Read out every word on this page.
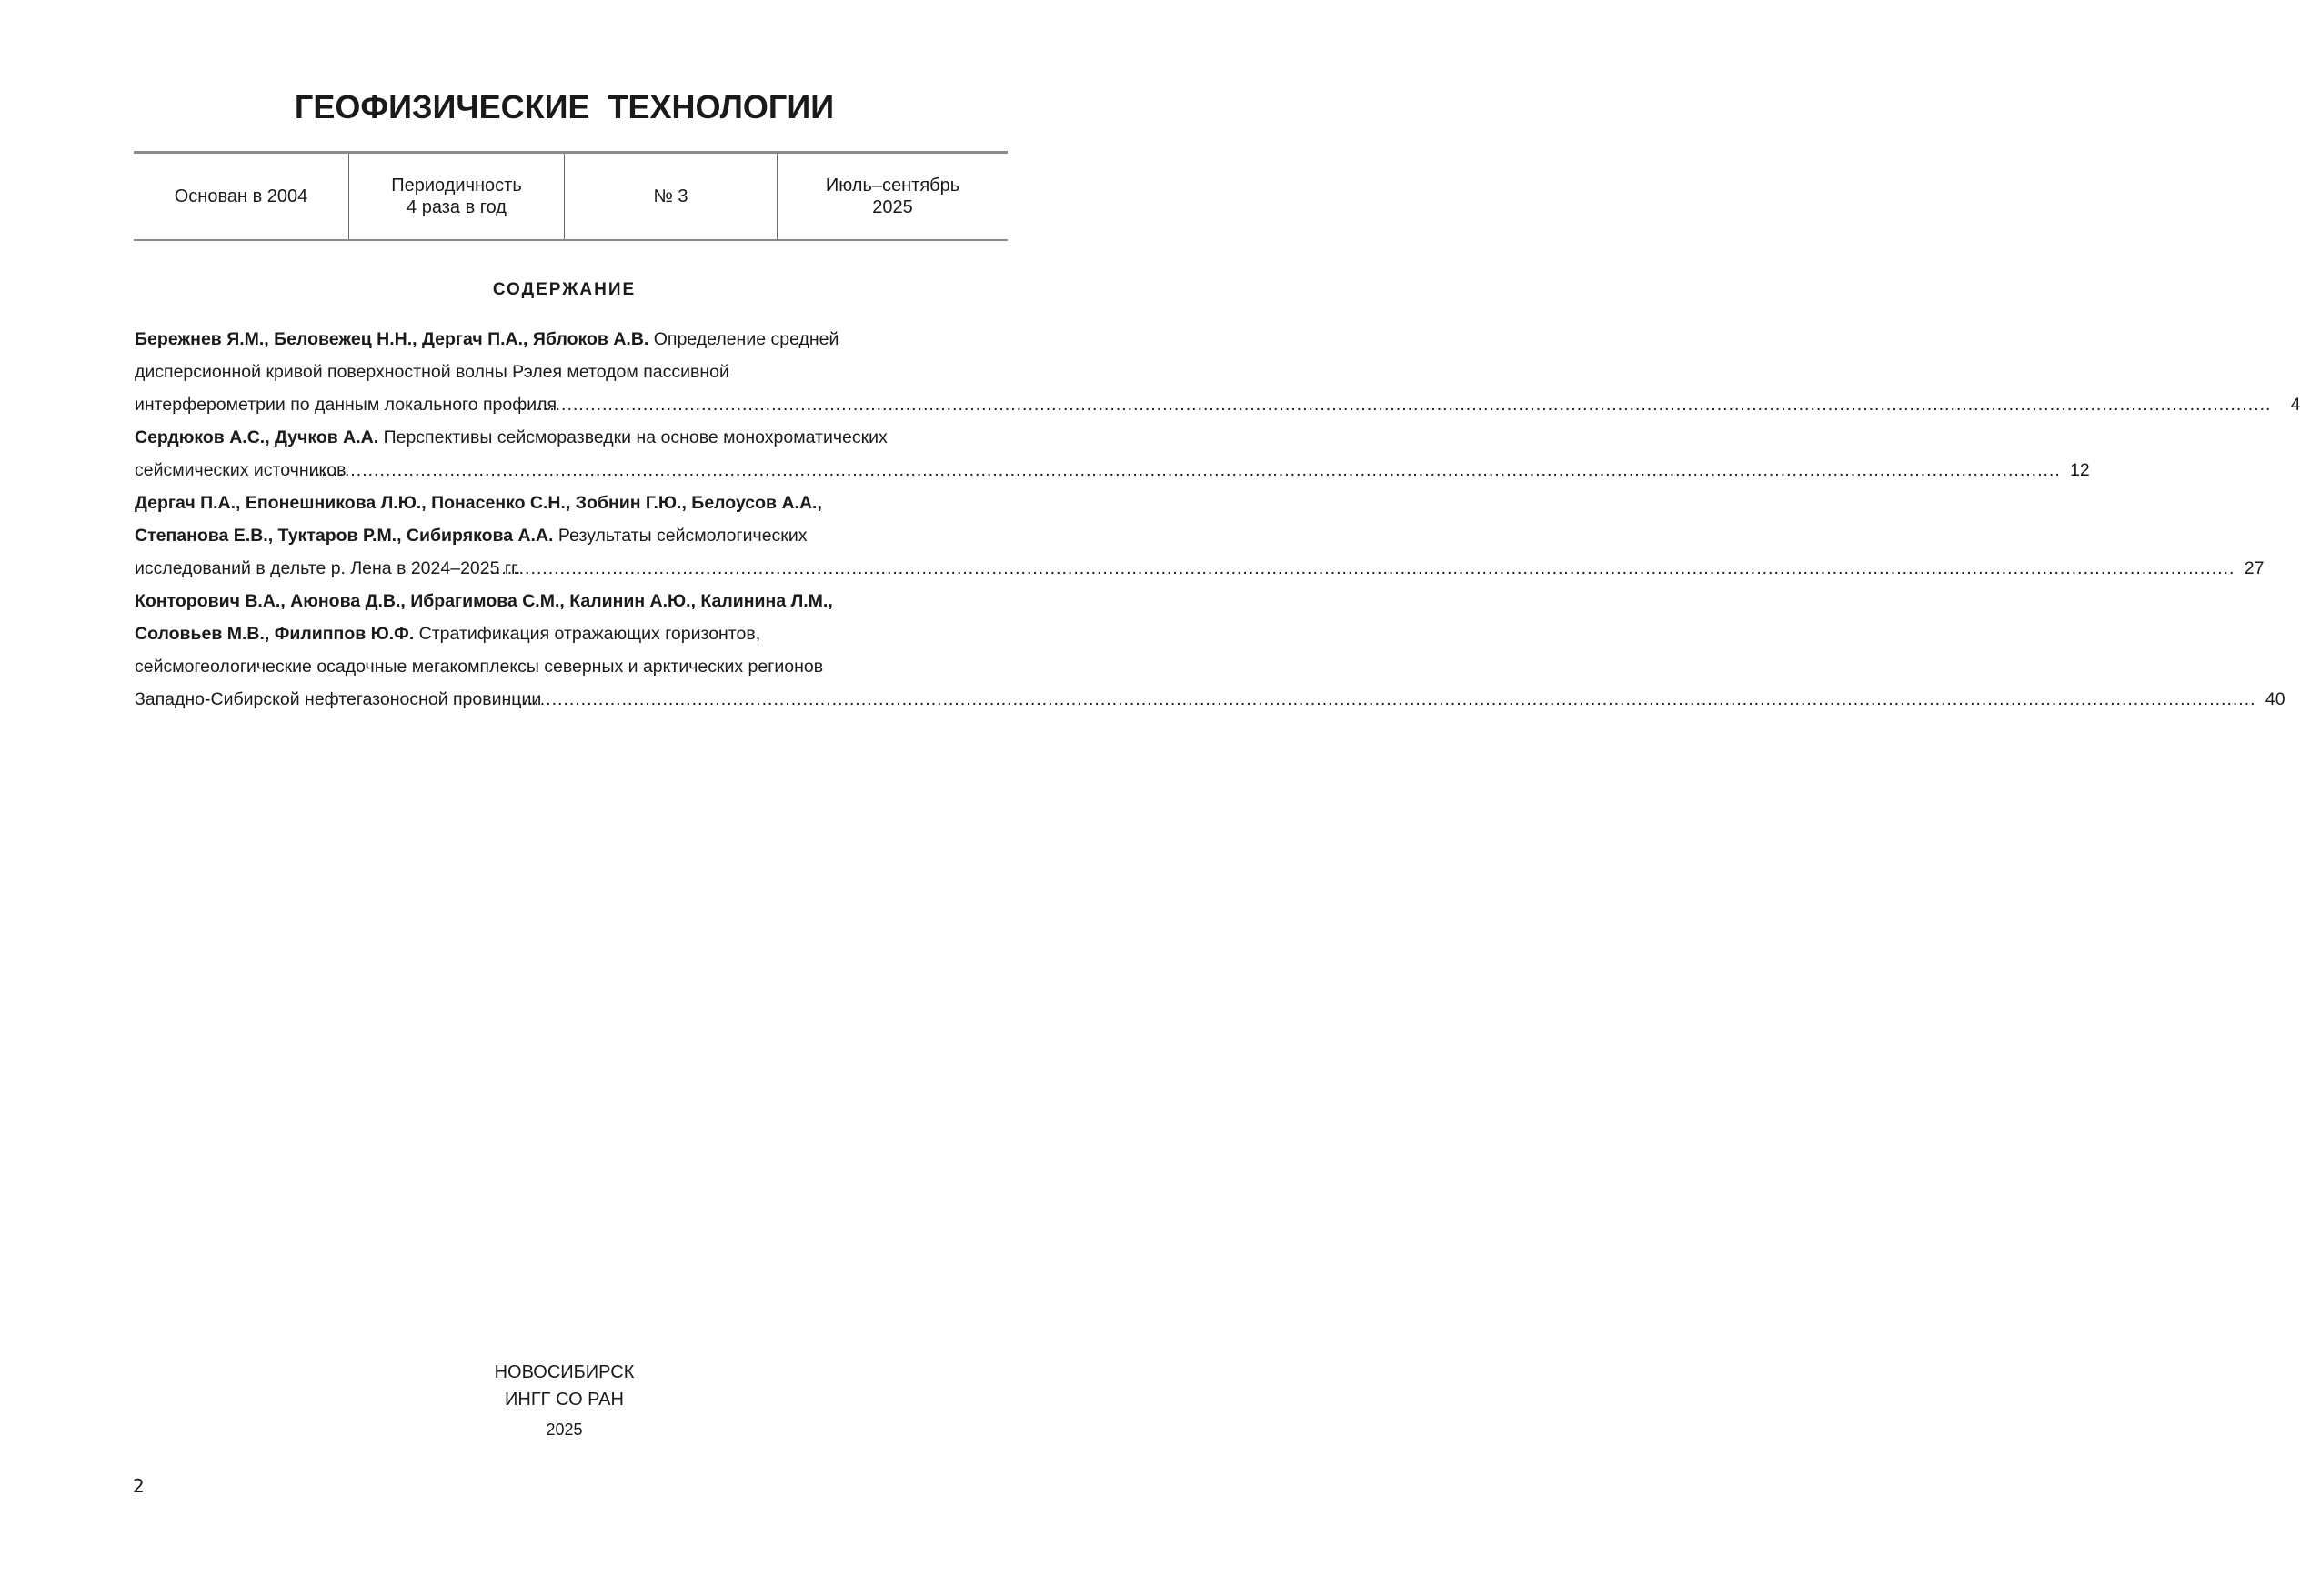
ГЕОФИЗИЧЕСКИЕ ТЕХНОЛОГИИ
Основан в 2004
Периодичность
4 раза в год
№ 3
Июль–сентябрь
2025
СОДЕРЖАНИЕ
Бережнев Я.М., Беловежец Н.Н., Дергач П.А., Яблоков А.В. Определение средней
дисперсионной кривой поверхностной волны Рэлея методом пассивной
интерферометрии по данным локального профиля
............................................................................................................................................................................................................................................................................................................	4
Сердюков А.С., Дучков А.А. Перспективы сейсморазведки на основе монохроматических
сейсмических источников
............................................................................................................................................................................................................................................................................................................ 12
Дергач П.А., Епонешникова Л.Ю., Понасенко С.Н., Зобнин Г.Ю., Белоусов А.А.,
Степанова Е.В., Туктаров Р.М., Сибирякова А.А. Результаты сейсмологических
исследований в дельте р. Лена в 2024–2025 гг.
............................................................................................................................................................................................................................................................................................................ 27
Конторович В.А., Аюнова Д.В., Ибрагимова С.М., Калинин А.Ю., Калинина Л.М.,
Соловьев М.В., Филиппов Ю.Ф. Стратификация отражающих горизонтов,
сейсмогеологические осадочные мегакомплексы северных и арктических регионов
Западно-Сибирской нефтегазоносной провинции
............................................................................................................................................................................................................................................................................................................ 40
НОВОСИБИРСК
ИНГГ СО РАН
2025
2
